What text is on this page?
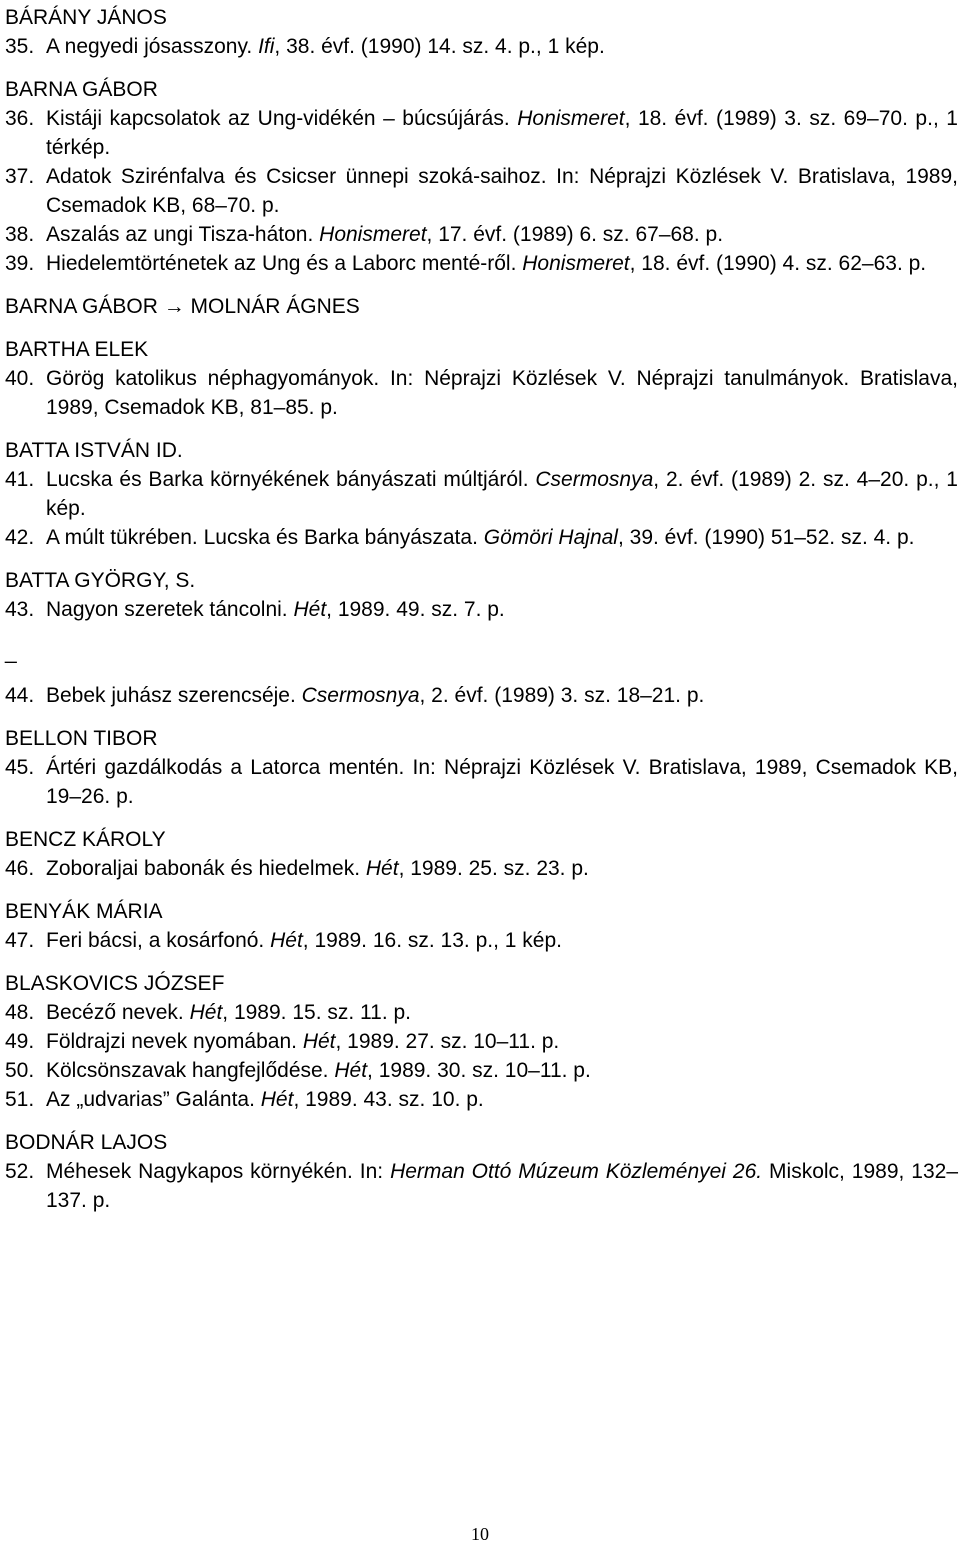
BÁRÁNY JÁNOS
35. A negyedi jósasszony. Ifi, 38. évf. (1990) 14. sz. 4. p., 1 kép.
BARNA GÁBOR
36. Kistáji kapcsolatok az Ung-vidékén – búcsújárás. Honismeret, 18. évf. (1989) 3. sz. 69–70. p., 1 térkép.
37. Adatok Szirénfalva és Csicser ünnepi szoká-saihoz. In: Néprajzi Közlések V. Bratislava, 1989, Csemadok KB, 68–70. p.
38. Aszalás az ungi Tisza-háton. Honismeret, 17. évf. (1989) 6. sz. 67–68. p.
39. Hiedelemtörténetek az Ung és a Laborc menté-ről. Honismeret, 18. évf. (1990) 4. sz. 62–63. p.
BARNA GÁBOR → MOLNÁR ÁGNES
BARTHA ELEK
40. Görög katolikus néphagyományok. In: Néprajzi Közlések V. Néprajzi tanulmányok. Bratislava, 1989, Csemadok KB, 81–85. p.
BATTA ISTVÁN ID.
41. Lucska és Barka környékének bányászati múltjáról. Csermosnya, 2. évf. (1989) 2. sz. 4–20. p., 1 kép.
42. A múlt tükrében. Lucska és Barka bányászata. Gömöri Hajnal, 39. évf. (1990) 51–52. sz. 4. p.
BATTA GYÖRGY, S.
43. Nagyon szeretek táncolni. Hét, 1989. 49. sz. 7. p.
_
44. Bebek juhász szerencséje. Csermosnya, 2. évf. (1989) 3. sz. 18–21. p.
BELLON TIBOR
45. Ártéri gazdálkodás a Latorca mentén. In: Néprajzi Közlések V. Bratislava, 1989, Csemadok KB, 19–26. p.
BENCZ KÁROLY
46. Zoboraljai babonák és hiedelmek. Hét, 1989. 25. sz. 23. p.
BENYÁK MÁRIA
47. Feri bácsi, a kosárfonó. Hét, 1989. 16. sz. 13. p., 1 kép.
BLASKOVICS JÓZSEF
48. Becéző nevek. Hét, 1989. 15. sz. 11. p.
49. Földrajzi nevek nyomában. Hét, 1989. 27. sz. 10–11. p.
50. Kölcsönszavak hangfejlődése. Hét, 1989. 30. sz. 10–11. p.
51. Az „udvarias” Galánta. Hét, 1989. 43. sz. 10. p.
BODNÁR LAJOS
52. Méhesek Nagykapos környékén. In: Herman Ottó Múzeum Közleményei 26. Miskolc, 1989, 132–137. p.
10
